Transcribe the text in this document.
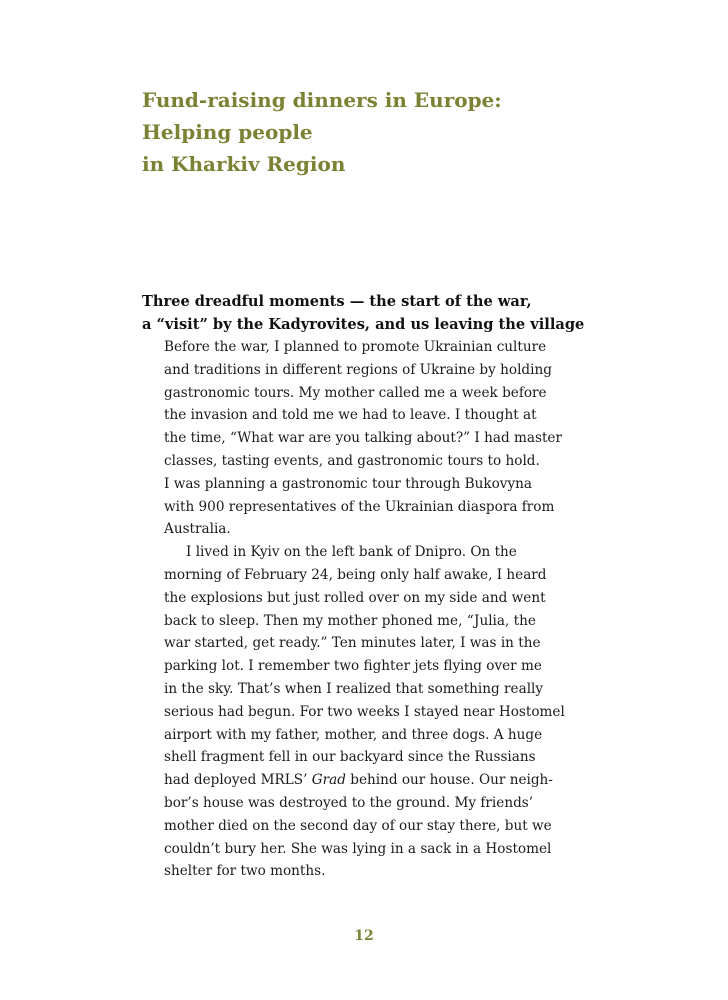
Fund-raising dinners in Europe:
Helping people
in Kharkiv Region
Three dreadful moments — the start of the war,
a “visit” by the Kadyrovites, and us leaving the village
Before the war, I planned to promote Ukrainian culture
and traditions in different regions of Ukraine by holding
gastronomic tours. My mother called me a week before
the invasion and told me we had to leave. I thought at
the time, “What war are you talking about?” I had master
classes, tasting events, and gastronomic tours to hold.
I was planning a gastronomic tour through Bukovyna
with 900 representatives of the Ukrainian diaspora from
Australia.
I lived in Kyiv on the left bank of Dnipro. On the
morning of February 24, being only half awake, I heard
the explosions but just rolled over on my side and went
back to sleep. Then my mother phoned me, “Julia, the
war started, get ready.” Ten minutes later, I was in the
parking lot. I remember two fighter jets flying over me
in the sky. That’s when I realized that something really
serious had begun. For two weeks I stayed near Hostomel
airport with my father, mother, and three dogs. A huge
shell fragment fell in our backyard since the Russians
had deployed MRLS’ Grad behind our house. Our neigh-
bor’s house was destroyed to the ground. My friends’
mother died on the second day of our stay there, but we
couldn’t bury her. She was lying in a sack in a Hostomel
shelter for two months.
12
